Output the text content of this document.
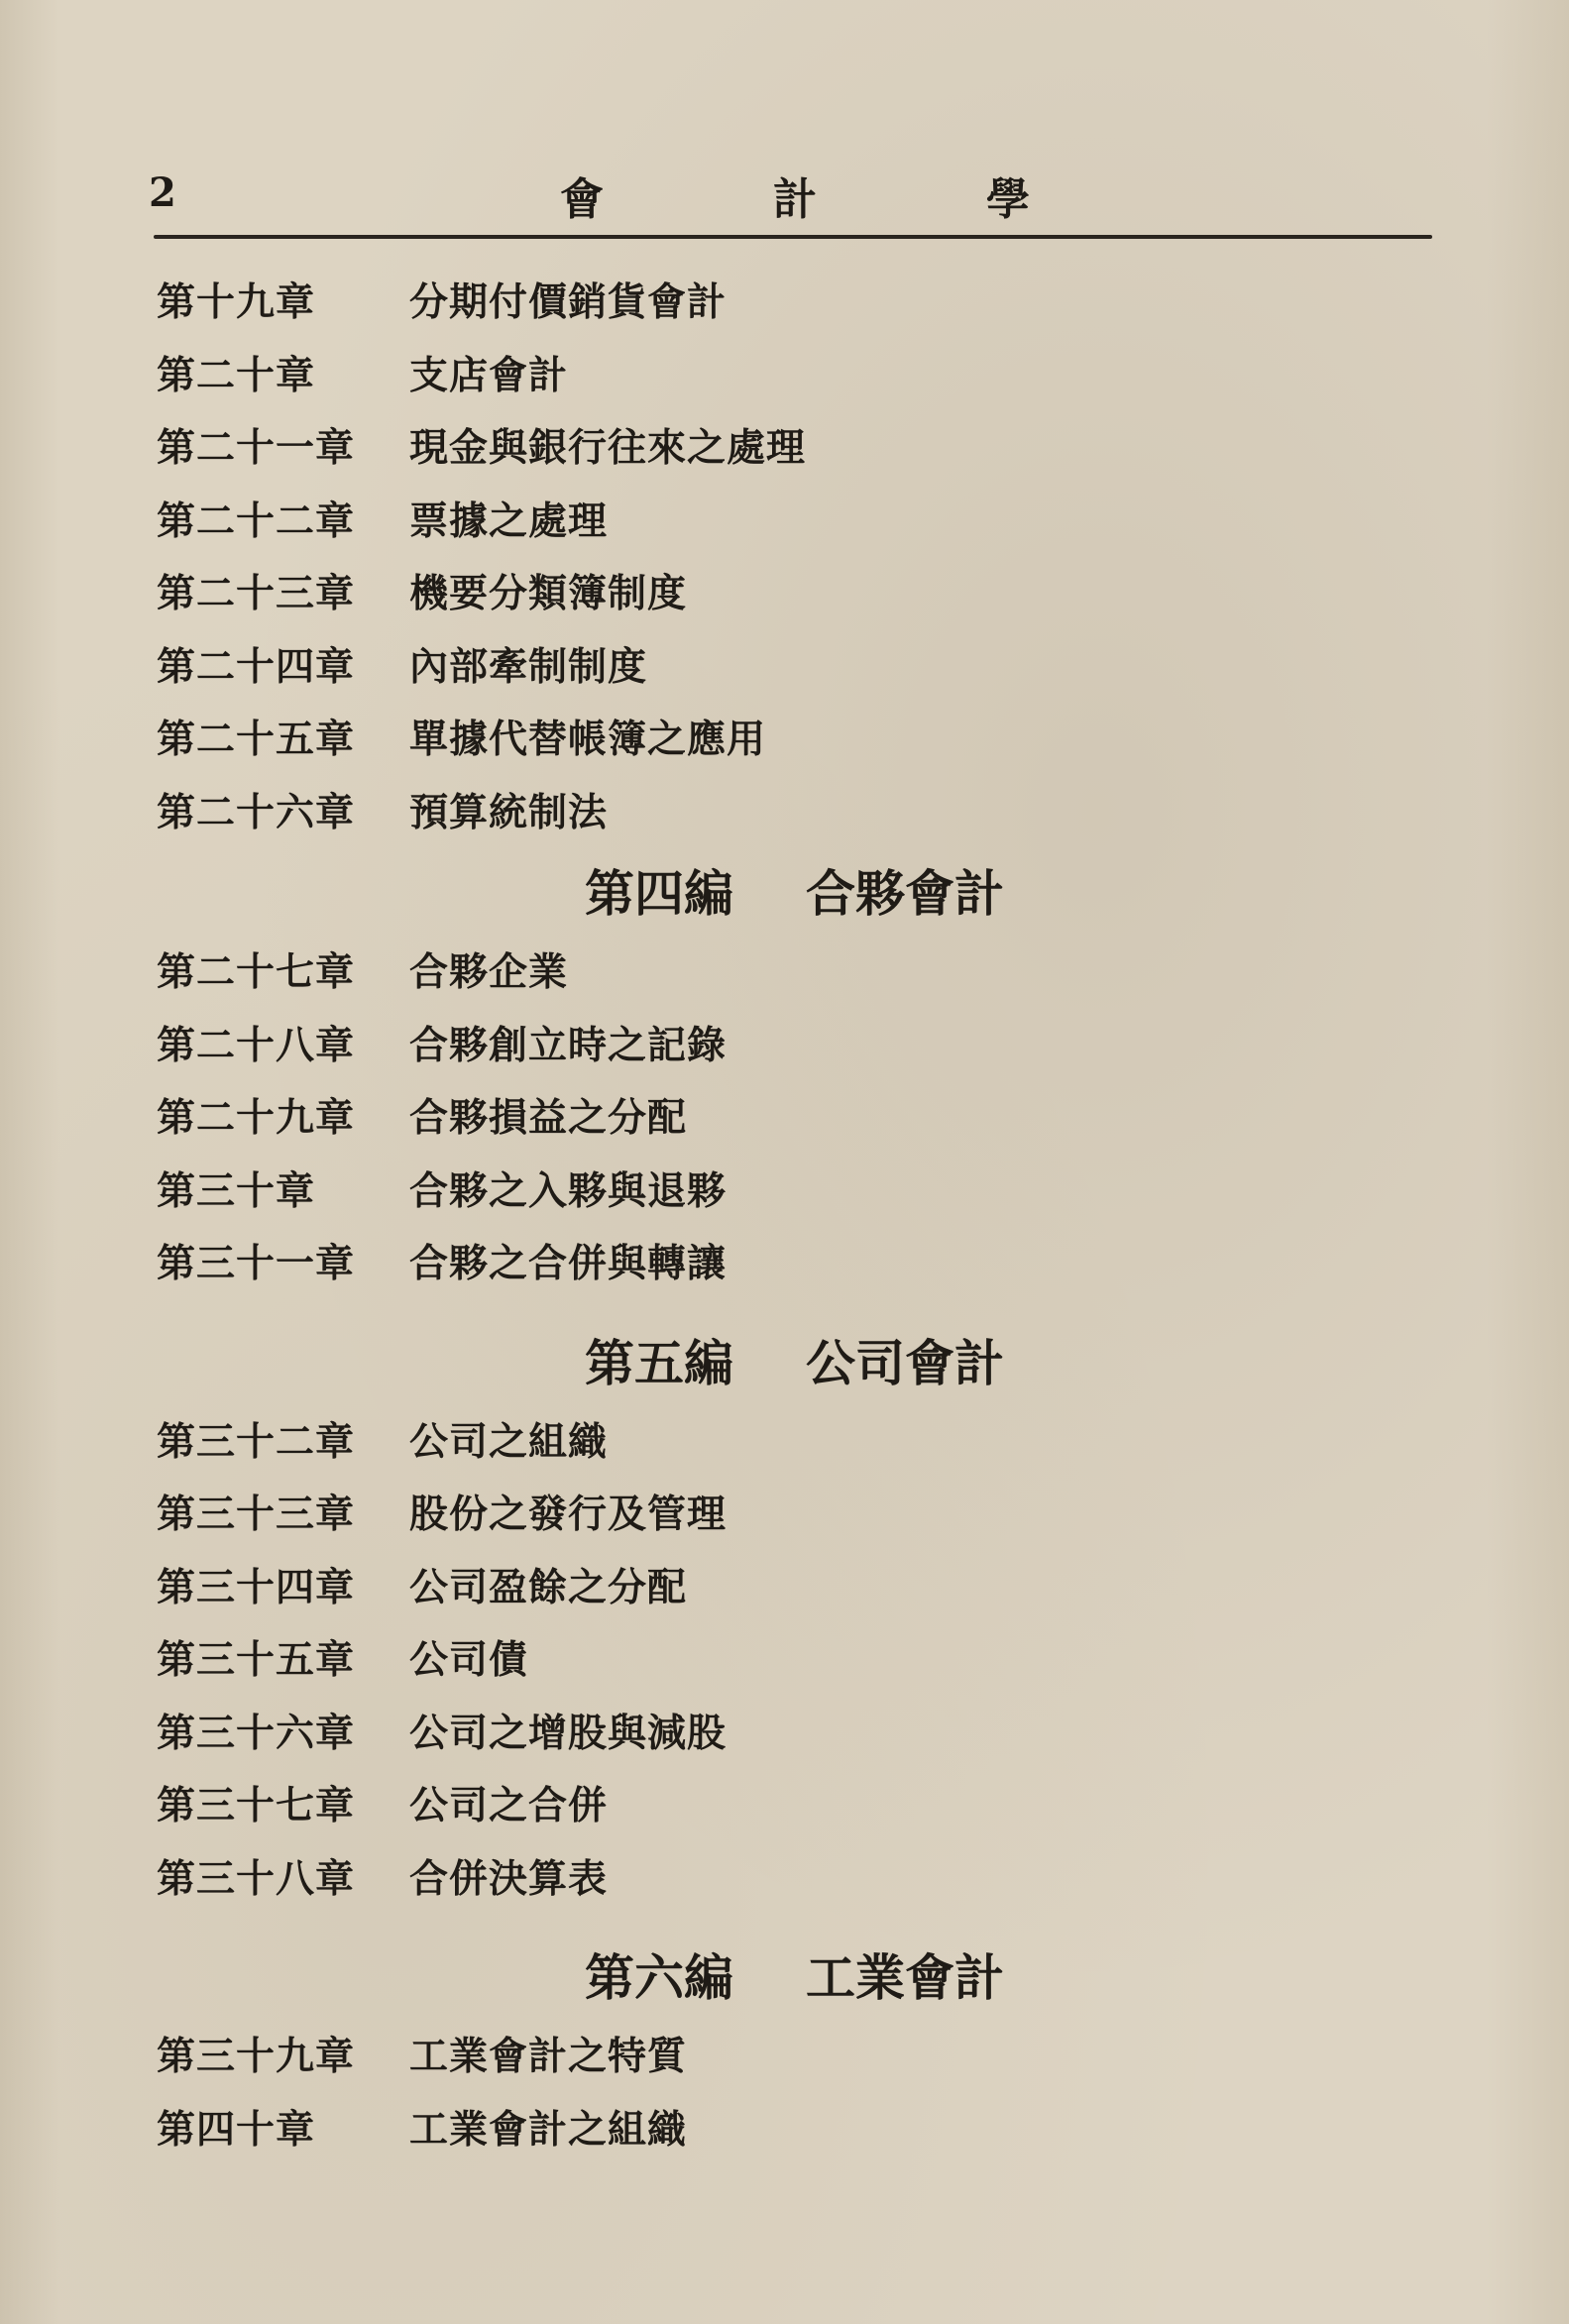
2	會	計	學
第十九章 分期付價銷貨會計
第二十章 支店會計
第二十一章 現金與銀行往來之處理
第二十二章 票據之處理
第二十三章 機要分類簿制度
第二十四章 內部牽制制度
第二十五章 單據代替帳簿之應用
第二十六章 預算統制法
第四編 合夥會計
第二十七章 合夥企業
第二十八章 合夥創立時之記錄
第二十九章 合夥損益之分配
第三十章 合夥之入夥與退夥
第三十一章 合夥之合併與轉讓
第五編 公司會計
第三十二章 公司之組織
第三十三章 股份之發行及管理
第三十四章 公司盈餘之分配
第三十五章 公司債
第三十六章 公司之增股與減股
第三十七章 公司之合併
第三十八章 合併決算表
第六編 工業會計
第三十九章 工業會計之特質
第四十章 工業會計之組織
